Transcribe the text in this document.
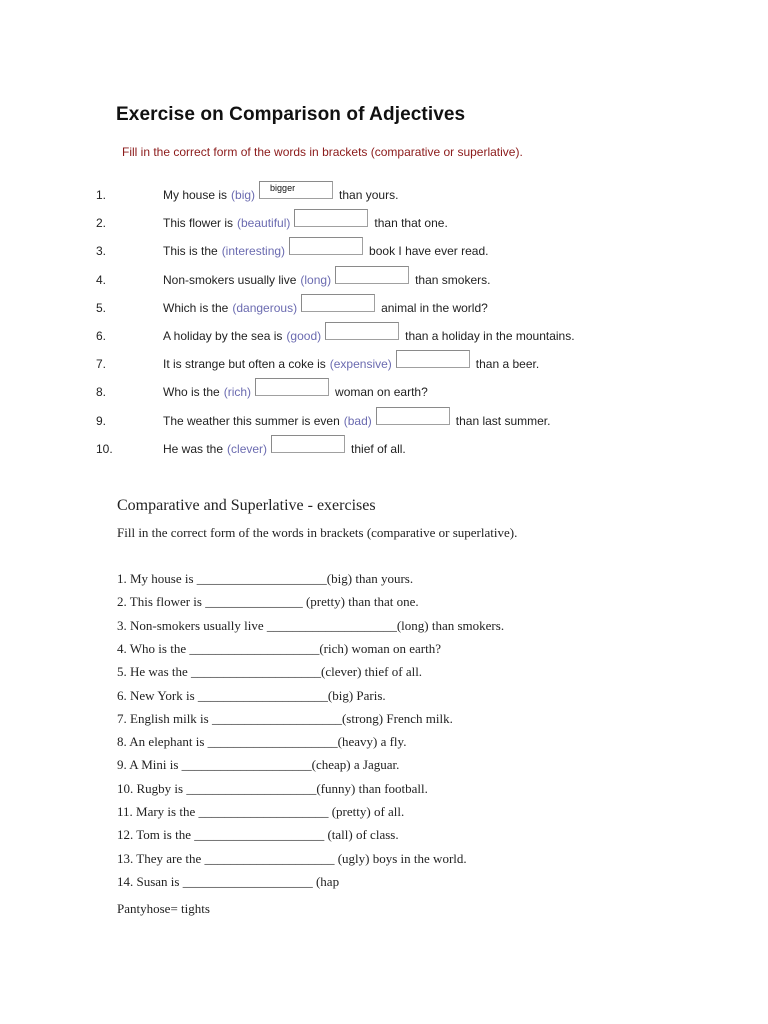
Exercise on Comparison of Adjectives
Fill in the correct form of the words in brackets (comparative or superlative).
1.	My house is (big)	bigger	than yours.
2.	This flower is (beautiful)	than that one.
3.	This is the (interesting)	book I have ever read.
4.	Non-smokers usually live (long)	than smokers.
5.	Which is the (dangerous)	animal in the world?
6.	A holiday by the sea is (good)	than a holiday in the mountains.
7.	It is strange but often a coke is (expensive)	than a beer.
8.	Who is the (rich)	woman on earth?
9.	The weather this summer is even (bad)	than last summer.
10.	He was the (clever)	thief of all.
Comparative and Superlative - exercises
Fill in the correct form of the words in brackets (comparative or superlative).
1. My house is ____________________(big) than yours.
2. This flower is _______________ (pretty) than that one.
3. Non-smokers usually live ____________________(long) than smokers.
4. Who is the ____________________(rich) woman on earth?
5. He was the ____________________(clever) thief of all.
6. New York is ____________________(big) Paris.
7. English milk is ____________________(strong) French milk.
8. An elephant is ____________________(heavy) a fly.
9. A Mini is ____________________(cheap) a Jaguar.
10. Rugby is ____________________(funny) than football.
11. Mary is the ____________________ (pretty) of all.
12. Tom is the ____________________ (tall) of class.
13. They are the ____________________ (ugly) boys in the world.
14. Susan is ____________________ (hap
Pantyhose= tights
